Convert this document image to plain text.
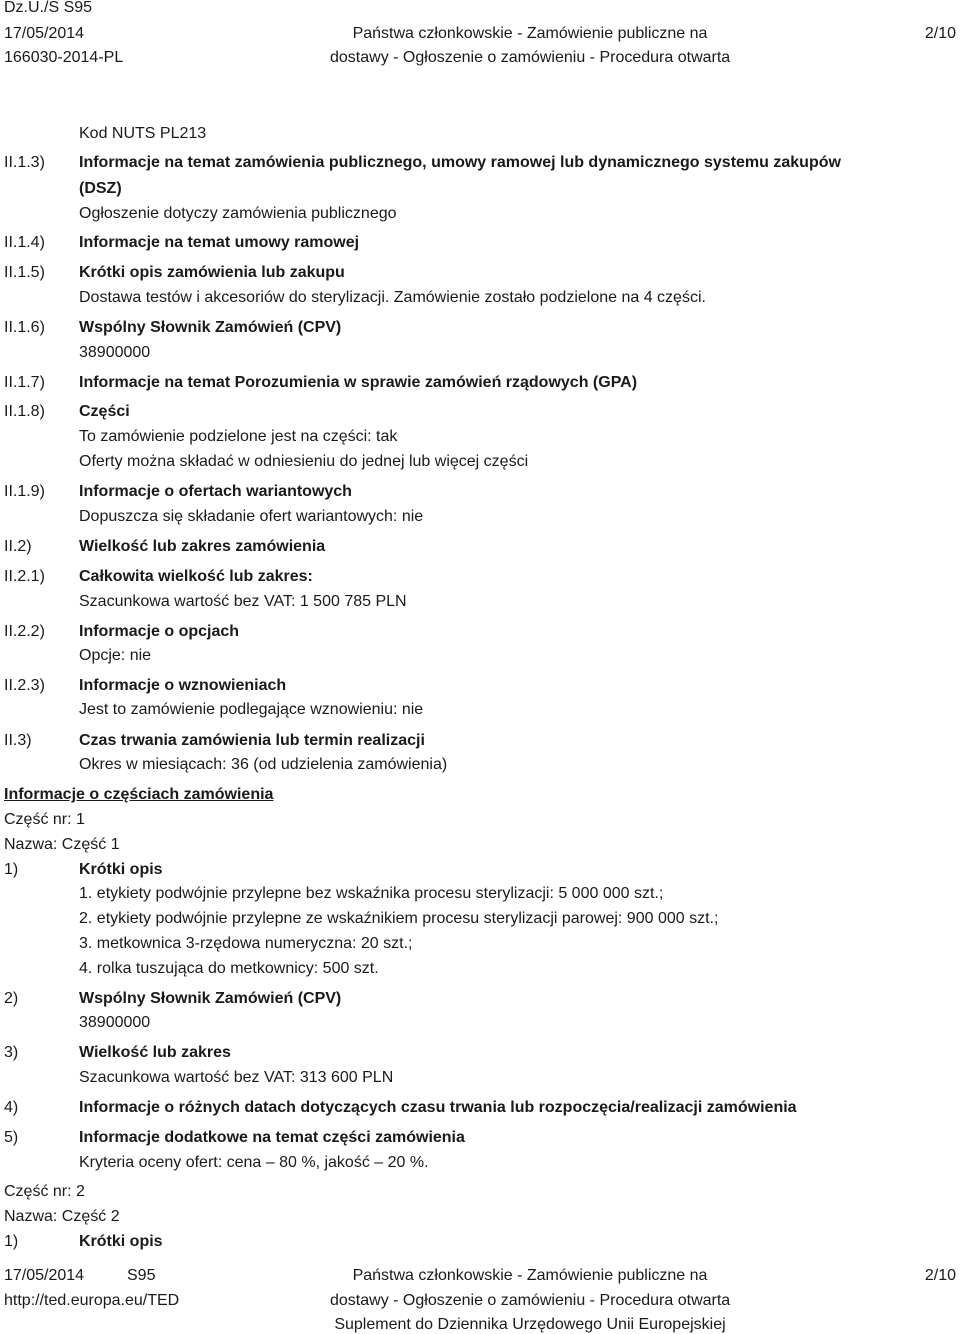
Dz.U./S S95
17/05/2014
166030-2014-PL
Państwa członkowskie - Zamówienie publiczne na
dostawy - Ogłoszenie o zamówieniu - Procedura otwarta
2/10
Kod NUTS PL213
II.1.3) Informacje na temat zamówienia publicznego, umowy ramowej lub dynamicznego systemu zakupów
(DSZ)
Ogłoszenie dotyczy zamówienia publicznego
II.1.4) Informacje na temat umowy ramowej
II.1.5) Krótki opis zamówienia lub zakupu
Dostawa testów i akcesoriów do sterylizacji. Zamówienie zostało podzielone na 4 części.
II.1.6) Wspólny Słownik Zamówień (CPV)
38900000
II.1.7) Informacje na temat Porozumienia w sprawie zamówień rządowych (GPA)
II.1.8) Części
To zamówienie podzielone jest na części: tak
Oferty można składać w odniesieniu do jednej lub więcej części
II.1.9) Informacje o ofertach wariantowych
Dopuszcza się składanie ofert wariantowych: nie
II.2)	Wielkość lub zakres zamówienia
II.2.1) Całkowita wielkość lub zakres:
Szacunkowa wartość bez VAT: 1 500 785 PLN
II.2.2) Informacje o opcjach
Opcje: nie
II.2.3) Informacje o wznowieniach
Jest to zamówienie podlegające wznowieniu: nie
II.3)	Czas trwania zamówienia lub termin realizacji
Okres w miesiącach: 36 (od udzielenia zamówienia)
Informacje o częściach zamówienia
Część nr: 1
Nazwa: Część 1
1)	Krótki opis
1. etykiety podwójnie przylepne bez wskaźnika procesu sterylizacji: 5 000 000 szt.;
2. etykiety podwójnie przylepne ze wskaźnikiem procesu sterylizacji parowej: 900 000 szt.;
3. metkownica 3-rzędowa numeryczna: 20 szt.;
4. rolka tuszująca do metkownicy: 500 szt.
2)	Wspólny Słownik Zamówień (CPV)
38900000
3)	Wielkość lub zakres
Szacunkowa wartość bez VAT: 313 600 PLN
4)	Informacje o różnych datach dotyczących czasu trwania lub rozpoczęcia/realizacji zamówienia
5)	Informacje dodatkowe na temat części zamówienia
Kryteria oceny ofert: cena – 80 %, jakość – 20 %.
Część nr: 2
Nazwa: Część 2
1)	Krótki opis
17/05/2014	S95
http://ted.europa.eu/TED
Państwa członkowskie - Zamówienie publiczne na
dostawy - Ogłoszenie o zamówieniu - Procedura otwarta
Suplement do Dziennika Urzędowego Unii Europejskiej
2/10
